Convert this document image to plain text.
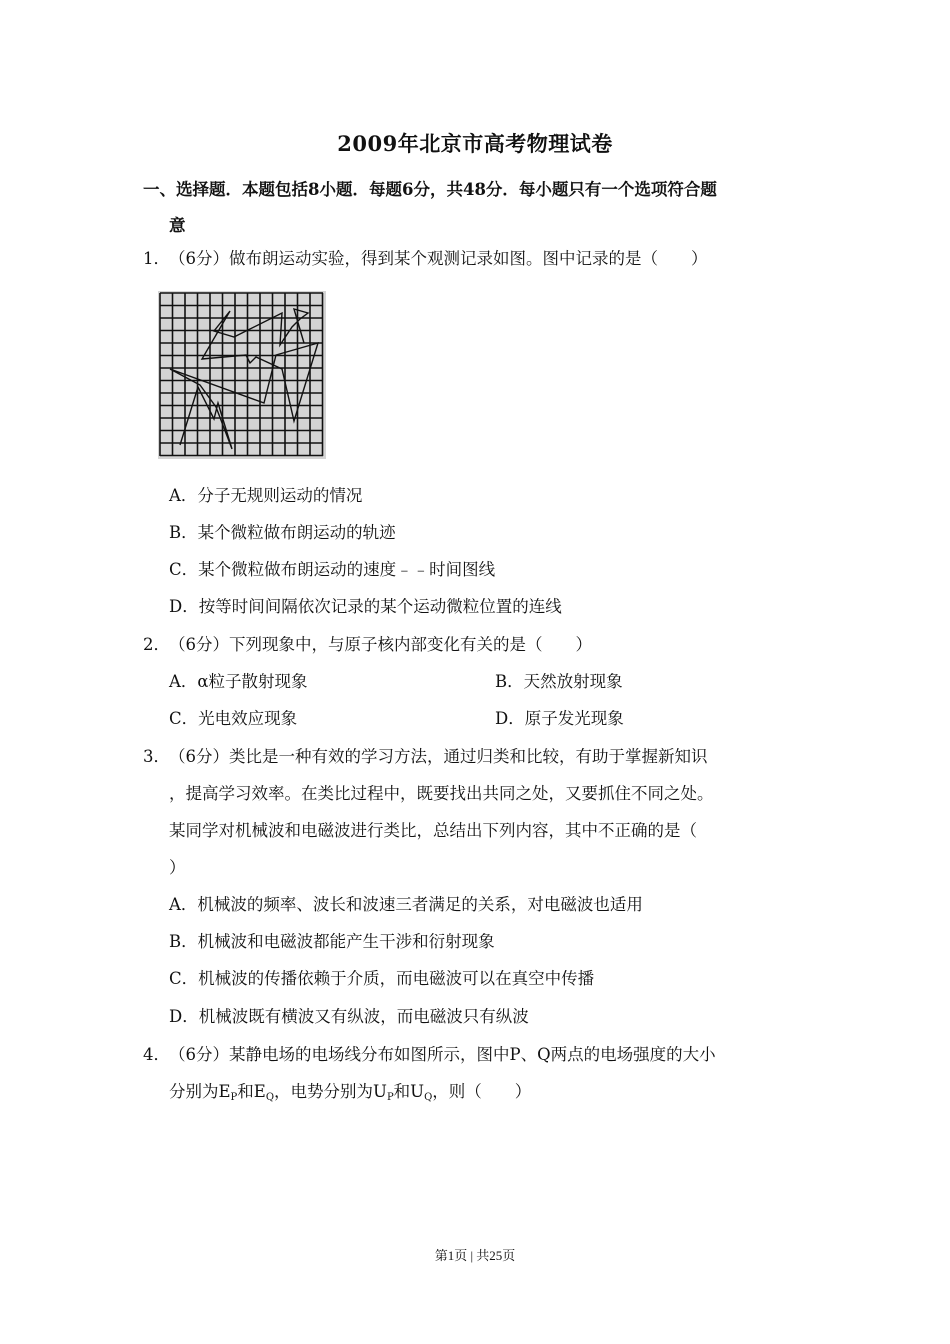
2009年北京市高考物理试卷
一、选择题．本题包括8小题．每题6分，共48分．每小题只有一个选项符合题
意
1．（6分）做布朗运动实验，得到某个观测记录如图。图中记录的是（　　）
A．分子无规则运动的情况
B．某个微粒做布朗运动的轨迹
C．某个微粒做布朗运动的速度﹣﹣时间图线
D．按等时间间隔依次记录的某个运动微粒位置的连线
2．（6分）下列现象中，与原子核内部变化有关的是（　　）
A．α粒子散射现象	B．天然放射现象
C．光电效应现象	D．原子发光现象
3．（6分）类比是一种有效的学习方法，通过归类和比较，有助于掌握新知识
，提高学习效率。在类比过程中，既要找出共同之处，又要抓住不同之处。
某同学对机械波和电磁波进行类比，总结出下列内容，其中不正确的是（
）
A．机械波的频率、波长和波速三者满足的关系，对电磁波也适用
B．机械波和电磁波都能产生干涉和衍射现象
C．机械波的传播依赖于介质，而电磁波可以在真空中传播
D．机械波既有横波又有纵波，而电磁波只有纵波
4．（6分）某静电场的电场线分布如图所示，图中P、Q两点的电场强度的大小
分别为$E_P$和$E_Q$，电势分别为$U_P$和$U_Q$，则（　　）
第1页 | 共25页
